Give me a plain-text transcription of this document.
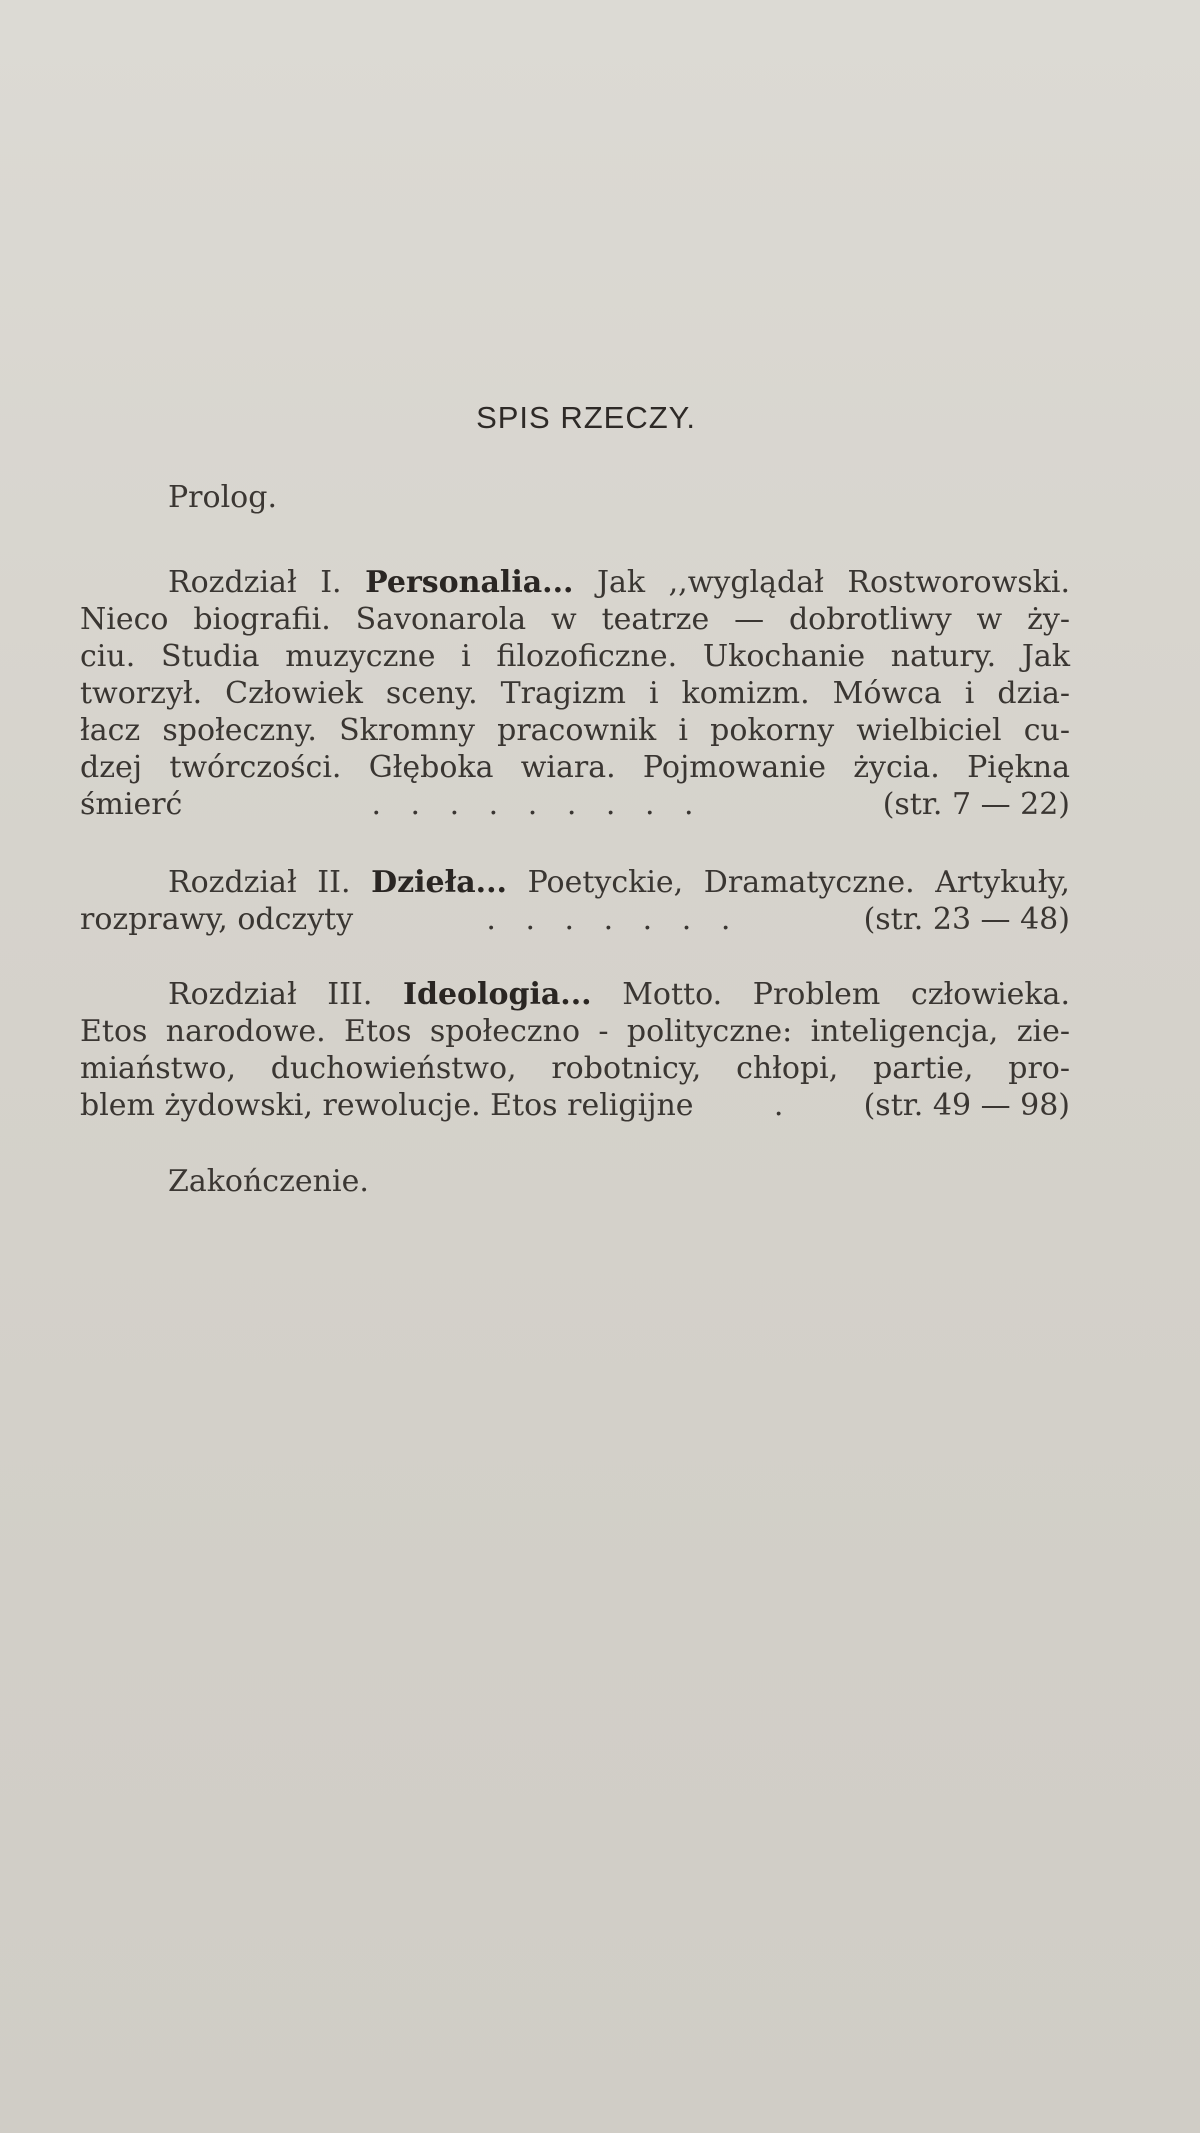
SPIS RZECZY.
Prolog.
Rozdział I. Personalia... Jak ,,wyglądał Rostworowski.
Nieco biografii. Savonarola w teatrze — dobrotliwy w ży-
ciu. Studia muzyczne i filozoficzne. Ukochanie natury. Jak
tworzył. Człowiek sceny. Tragizm i komizm. Mówca i dzia-
łacz społeczny. Skromny pracownik i pokorny wielbiciel cu-
dzej twórczości. Głęboka wiara. Pojmowanie życia. Piękna
śmierć	. . . . . . . . .	(str. 7 — 22)
Rozdział II. Dzieła... Poetyckie, Dramatyczne. Artykuły,
rozprawy, odczyty	. . . . . . .	(str. 23 — 48)
Rozdział III. Ideologia... Motto. Problem człowieka.
Etos narodowe. Etos społeczno - polityczne: inteligencja, zie-
miaństwo, duchowieństwo, robotnicy, chłopi, partie, pro-
blem żydowski, rewolucje. Etos religijne	.	(str. 49 — 98)
Zakończenie.
